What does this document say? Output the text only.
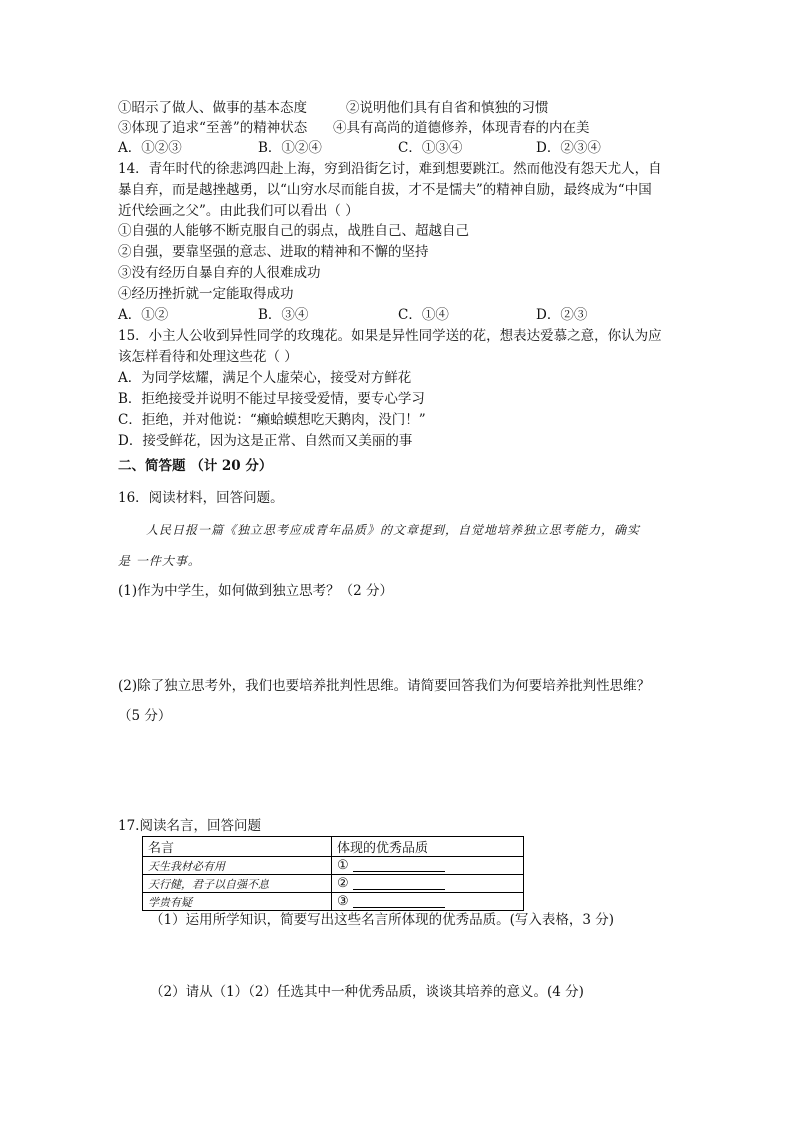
①昭示了做人、做事的基本态度	②说明他们具有自省和慎独的习惯
③体现了追求“至善”的精神状态 ④具有高尚的道德修养，体现青春的内在美
A．①②③	B．①②④	C．①③④	D．②③④
14．青年时代的徐悲鸿四赴上海，穷到沿街乞讨，难到想要跳江。然而他没有怨天尤人，自
暴自弃，而是越挫越勇，以“山穷水尽而能自拔，才不是懦夫”的精神自励，最终成为“中国
近代绘画之父”。由此我们可以看出（ ）
①自强的人能够不断克服自己的弱点，战胜自己、超越自己
②自强，要靠坚强的意志、进取的精神和不懈的坚持
③没有经历自暴自弃的人很难成功
④经历挫折就一定能取得成功
A．①②	B．③④	C．①④	D．②③
15．小主人公收到异性同学的玫瑰花。如果是异性同学送的花，想表达爱慕之意，你认为应
该怎样看待和处理这些花（ ）
A．为同学炫耀，满足个人虚荣心，接受对方鲜花
B．拒绝接受并说明不能过早接受爱情，要专心学习
C．拒绝，并对他说：“癞蛤蟆想吃天鹅肉，没门！”
D．接受鲜花，因为这是正常、自然而又美丽的事
二、简答题 （计 20 分）
16．阅读材料，回答问题。
人民日报一篇《独立思考应成青年品质》的文章提到，自觉地培养独立思考能力，确实
是 一件大事。
(1)作为中学生，如何做到独立思考？（2 分）
(2)除了独立思考外，我们也要培养批判性思维。请简要回答我们为何要培养批判性思维？
（5 分）
17.阅读名言，回答问题
名言	体现的优秀品质
天生我材必有用	①
天行健，君子以自强不息	②
学贵有疑	③
（1）运用所学知识，简要写出这些名言所体现的优秀品质。(写入表格，3 分)
（2）请从（1）（2）任选其中一种优秀品质，谈谈其培养的意义。(4 分)
